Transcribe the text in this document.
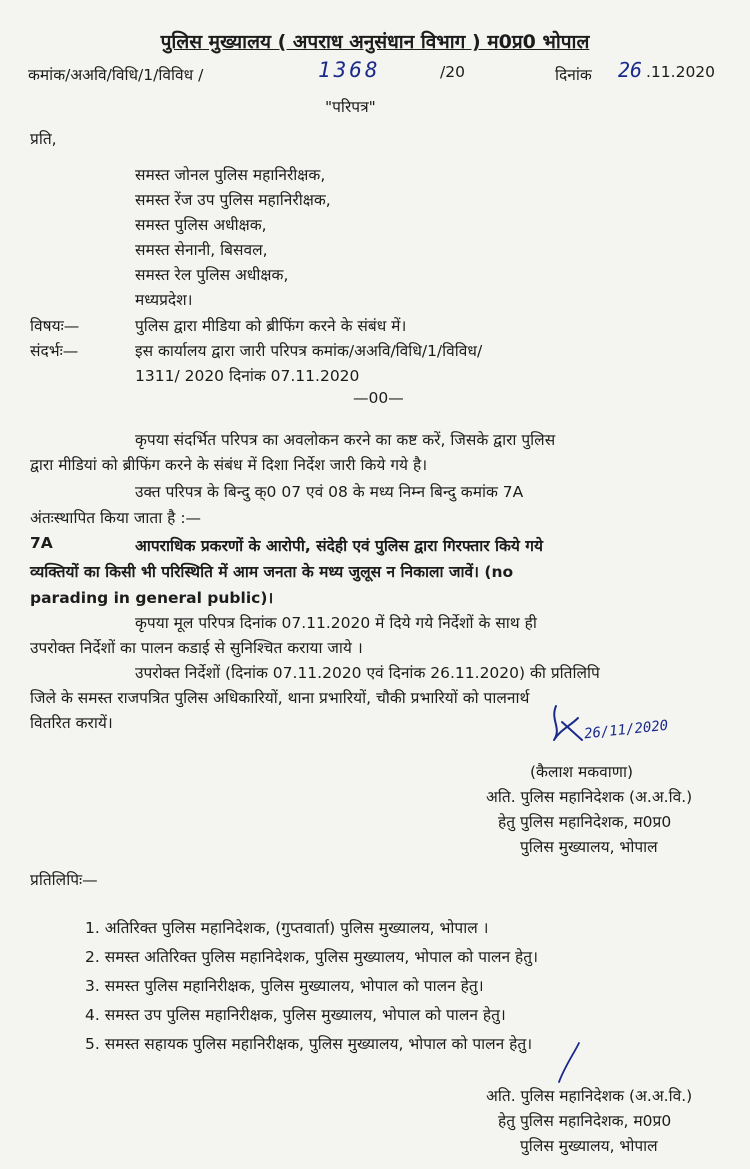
पुलिस मुख्यालय ( अपराध अनुसंधान विभाग ) म0प्र0 भोपाल
कमांक/अअवि/विधि/1/विविध /	1368	/20	दिनांक 26 .11.2020
"परिपत्र"
प्रति,
समस्त जोनल पुलिस महानिरीक्षक,
समस्त रेंज उप पुलिस महानिरीक्षक,
समस्त पुलिस अधीक्षक,
समस्त सेनानी, बिसवल,
समस्त रेल पुलिस अधीक्षक,
मध्यप्रदेश।
विषयः—	पुलिस द्वारा मीडिया को ब्रीफिंग करने के संबंध में।
संदर्भः—	इस कार्यालय द्वारा जारी परिपत्र कमांक/अअवि/विधि/1/विविध/
1311/ 2020 दिनांक 07.11.2020
—00—
कृपया संदर्भित परिपत्र का अवलोकन करने का कष्ट करें, जिसके द्वारा पुलिस
द्वारा मीडियां को ब्रीफिंग करने के संबंध में दिशा निर्देश जारी किये गये है।
उक्त परिपत्र के बिन्दु क्0 07 एवं 08 के मध्य निम्न बिन्दु कमांक 7A
अंतःस्थापित किया जाता है :—
7A	आपराधिक प्रकरणों के आरोपी, संदेही एवं पुलिस द्वारा गिरफ्तार किये गये
व्यक्तियों का किसी भी परिस्थिति में आम जनता के मध्य जुलूस न निकाला जावें। (no
parading in general public)।
कृपया मूल परिपत्र दिनांक 07.11.2020 में दिये गये निर्देशों के साथ ही
उपरोक्त निर्देशों का पालन कडाई से सुनिश्चित कराया जाये ।
उपरोक्त निर्देशों (दिनांक 07.11.2020 एवं दिनांक 26.11.2020) की प्रतिलिपि
जिले के समस्त राजपत्रित पुलिस अधिकारियों, थाना प्रभारियों, चौकी प्रभारियों को पालनार्थ
वितरित करायें।	26/11/2020
(कैलाश मकवाणा)
अति. पुलिस महानिदेशक (अ.अ.वि.)
हेतु पुलिस महानिदेशक, म0प्र0
पुलिस मुख्यालय, भोपाल
प्रतिलिपिः—
1. अतिरिक्त पुलिस महानिदेशक, (गुप्तवार्ता) पुलिस मुख्यालय, भोपाल ।
2. समस्त अतिरिक्त पुलिस महानिदेशक, पुलिस मुख्यालय, भोपाल को पालन हेतु।
3. समस्त पुलिस महानिरीक्षक, पुलिस मुख्यालय, भोपाल को पालन हेतु।
4. समस्त उप पुलिस महानिरीक्षक, पुलिस मुख्यालय, भोपाल को पालन हेतु।
5. समस्त सहायक पुलिस महानिरीक्षक, पुलिस मुख्यालय, भोपाल को पालन हेतु।
अति. पुलिस महानिदेशक (अ.अ.वि.)
हेतु पुलिस महानिदेशक, म0प्र0
पुलिस मुख्यालय, भोपाल
